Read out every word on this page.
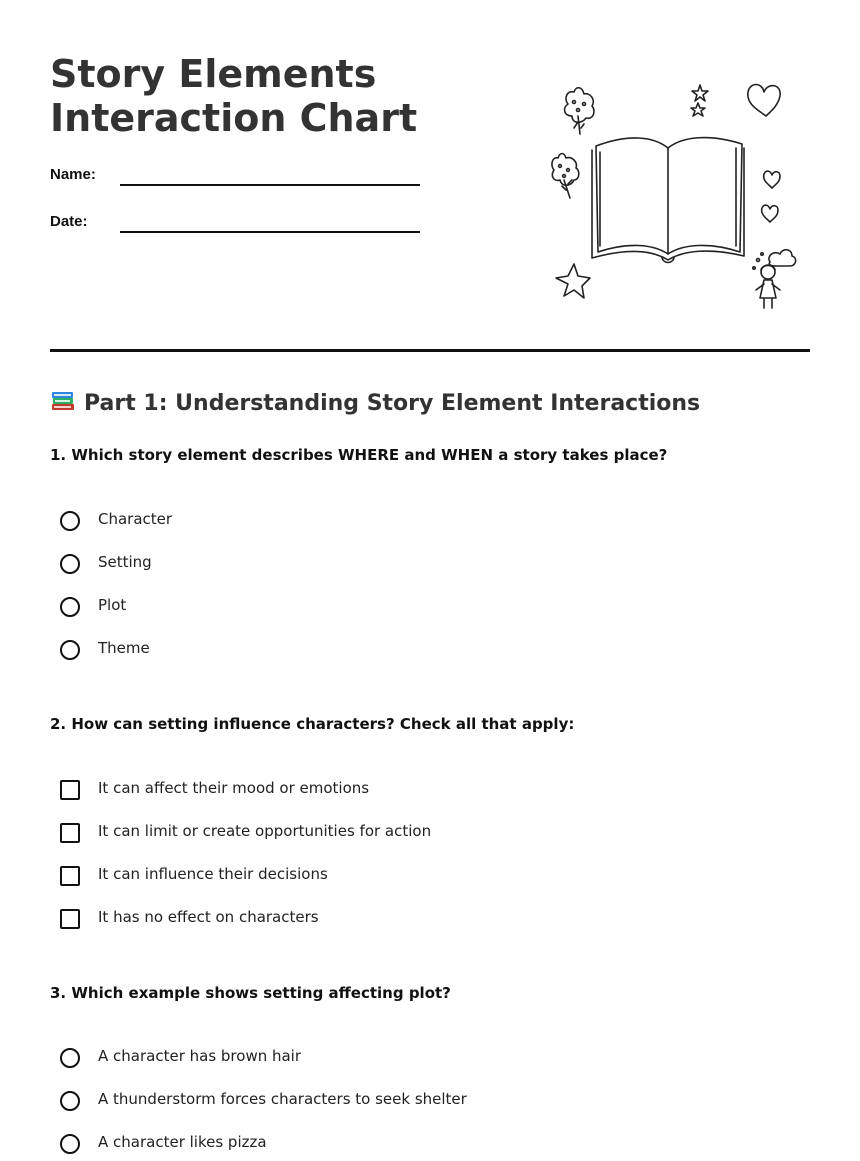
Story Elements
Interaction Chart
Name:
Date:
Part 1: Understanding Story Element Interactions
1. Which story element describes WHERE and WHEN a story takes place?
Character
Setting
Plot
Theme
2. How can setting influence characters? Check all that apply:
It can affect their mood or emotions
It can limit or create opportunities for action
It can influence their decisions
It has no effect on characters
3. Which example shows setting affecting plot?
A character has brown hair
A thunderstorm forces characters to seek shelter
A character likes pizza
